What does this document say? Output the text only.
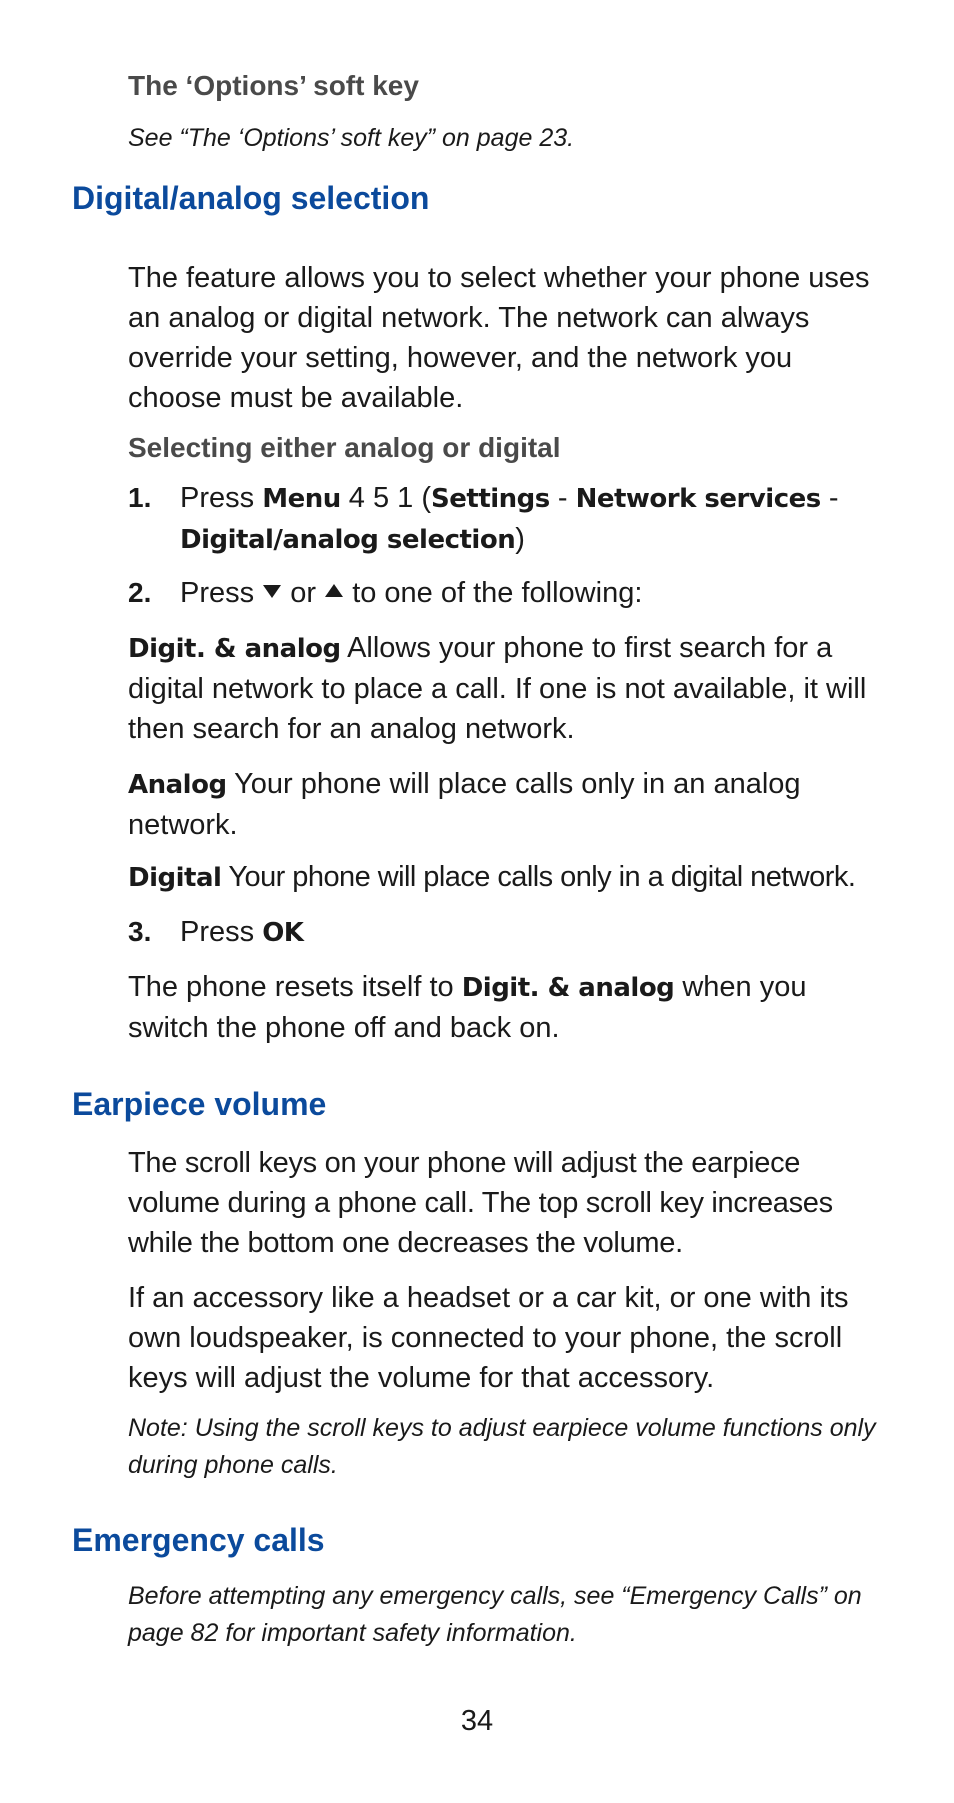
The ‘Options’ soft key

See “The ‘Options’ soft key” on page 23.

Digital/analog selection

The feature allows you to select whether your phone uses an analog or digital network. The network can always override your setting, however, and the network you choose must be available.

Selecting either analog or digital

1. Press Menu 4 5 1 (Settings - Network services - Digital/analog selection)
2. Press or to one of the following:

Digit. & analog Allows your phone to first search for a digital network to place a call. If one is not available, it will then search for an analog network.

Analog Your phone will place calls only in an analog network.

Digital Your phone will place calls only in a digital network.

3. Press OK

The phone resets itself to Digit. & analog when you switch the phone off and back on.

Earpiece volume

The scroll keys on your phone will adjust the earpiece volume during a phone call. The top scroll key increases while the bottom one decreases the volume.

If an accessory like a headset or a car kit, or one with its own loudspeaker, is connected to your phone, the scroll keys will adjust the volume for that accessory.

Note: Using the scroll keys to adjust earpiece volume functions only during phone calls.

Emergency calls

Before attempting any emergency calls, see “Emergency Calls” on page 82 for important safety information.

34
